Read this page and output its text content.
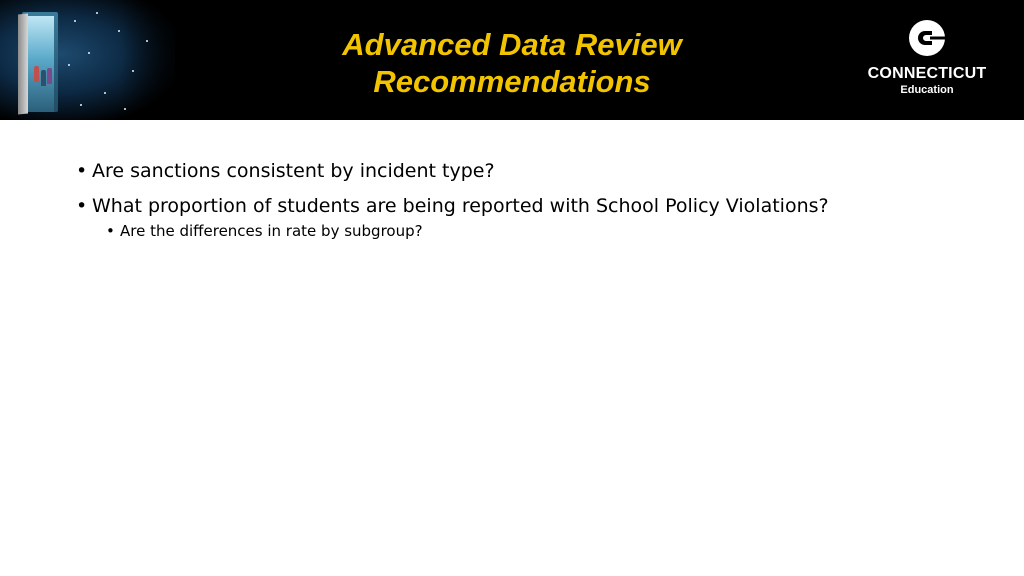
Advanced Data Review
Recommendations	CONNECTICUT
Education
• Are sanctions consistent by incident type?
• What proportion of students are being reported with School Policy Violations?
• Are the differences in rate by subgroup?
